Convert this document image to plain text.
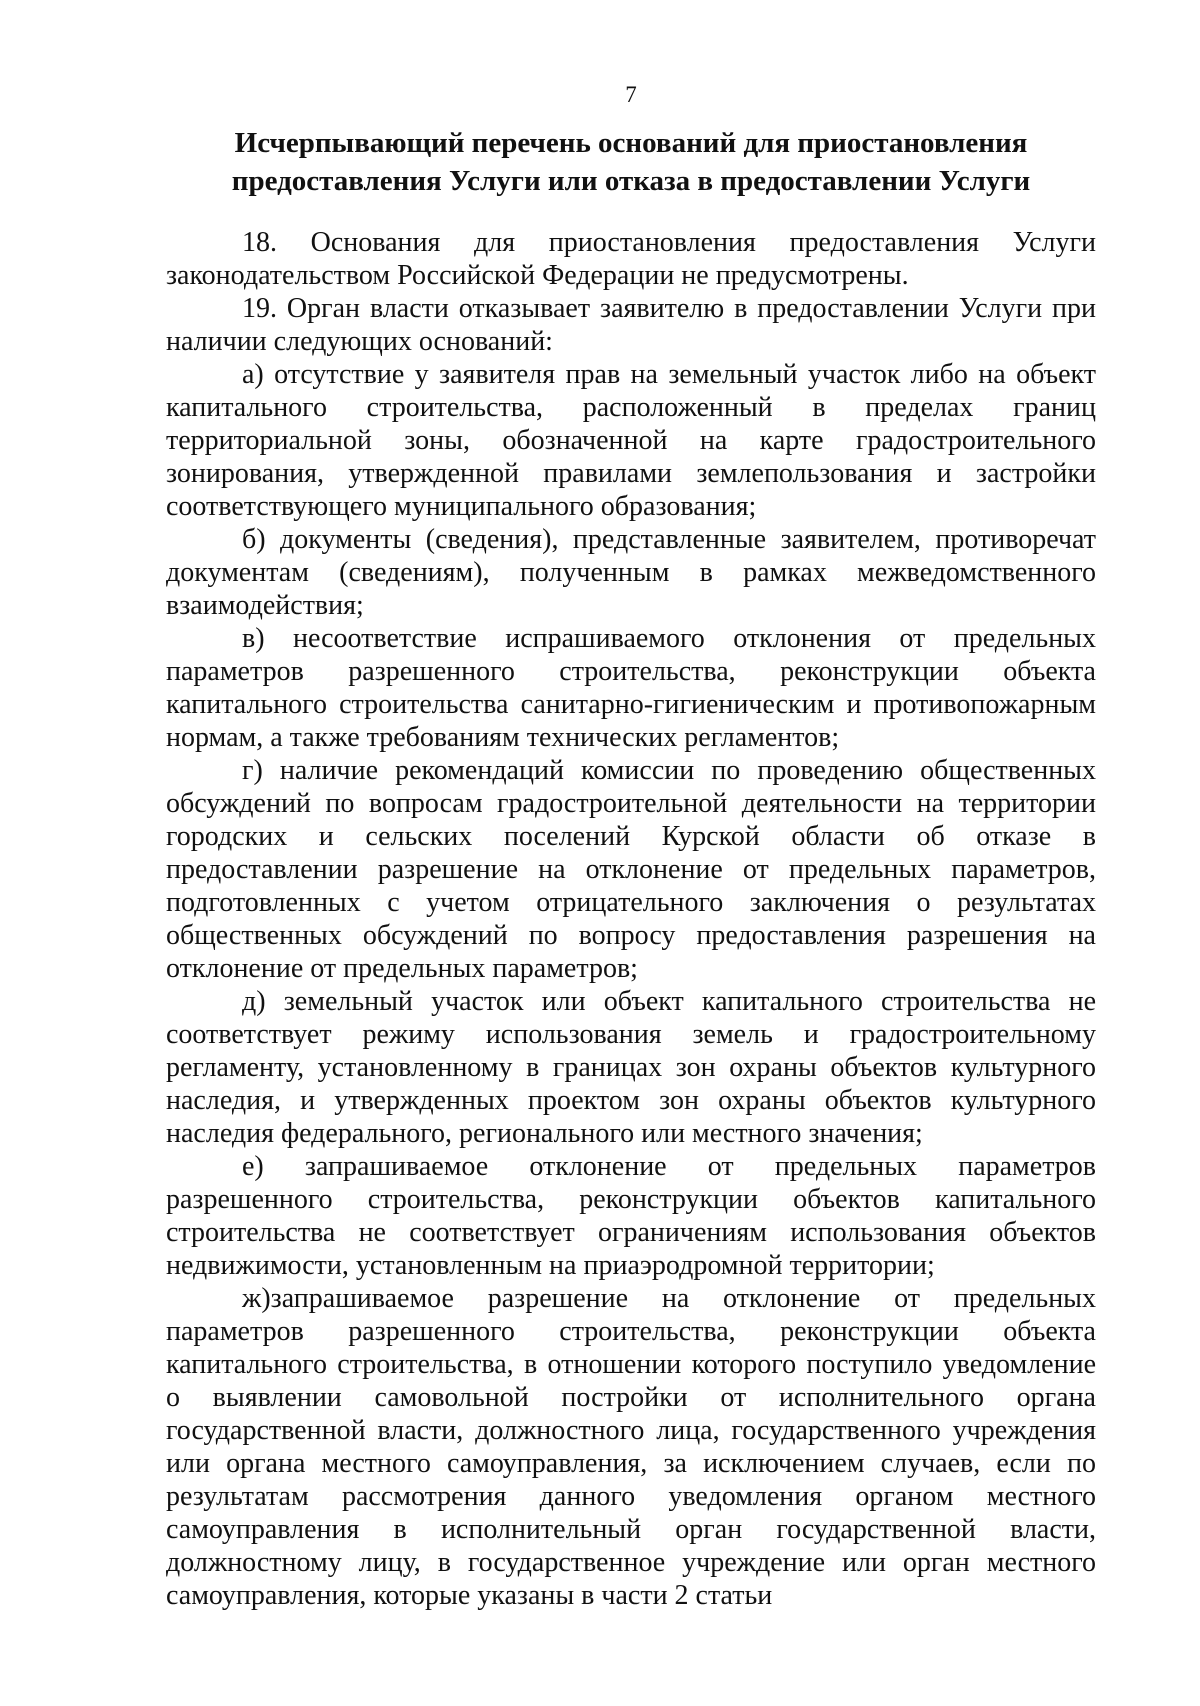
7
Исчерпывающий перечень оснований для приостановления
предоставления Услуги или отказа в предоставлении Услуги

18. Основания для приостановления предоставления Услуги законодательством Российской Федерации не предусмотрены.

19. Орган власти отказывает заявителю в предоставлении Услуги при наличии следующих оснований:

а) отсутствие у заявителя прав на земельный участок либо на объект капитального строительства, расположенный в пределах границ территориальной зоны, обозначенной на карте градостроительного зонирования, утвержденной правилами землепользования и застройки соответствующего муниципального образования;

б) документы (сведения), представленные заявителем, противоречат документам (сведениям), полученным в рамках межведомственного взаимодействия;

в) несоответствие испрашиваемого отклонения от предельных параметров разрешенного строительства, реконструкции объекта капитального строительства санитарно-гигиеническим и противопожарным нормам, а также требованиям технических регламентов;

г) наличие рекомендаций комиссии по проведению общественных обсуждений по вопросам градостроительной деятельности на территории городских и сельских поселений Курской области об отказе в предоставлении разрешение на отклонение от предельных параметров, подготовленных с учетом отрицательного заключения о результатах общественных обсуждений по вопросу предоставления разрешения на отклонение от предельных параметров;

д) земельный участок или объект капитального строительства не соответствует режиму использования земель и градостроительному регламенту, установленному в границах зон охраны объектов культурного наследия, и утвержденных проектом зон охраны объектов культурного наследия федерального, регионального или местного значения;

е) запрашиваемое отклонение от предельных параметров разрешенного строительства, реконструкции объектов капитального строительства не соответствует ограничениям использования объектов недвижимости, установленным на приаэродромной территории;

ж)запрашиваемое разрешение на отклонение от предельных параметров разрешенного строительства, реконструкции объекта капитального строительства, в отношении которого поступило уведомление о выявлении самовольной постройки от исполнительного органа государственной власти, должностного лица, государственного учреждения или органа местного самоуправления, за исключением случаев, если по результатам рассмотрения данного уведомления органом местного самоуправления в исполнительный орган государственной власти, должностному лицу, в государственное учреждение или орган местного самоуправления, которые указаны в части 2 статьи
